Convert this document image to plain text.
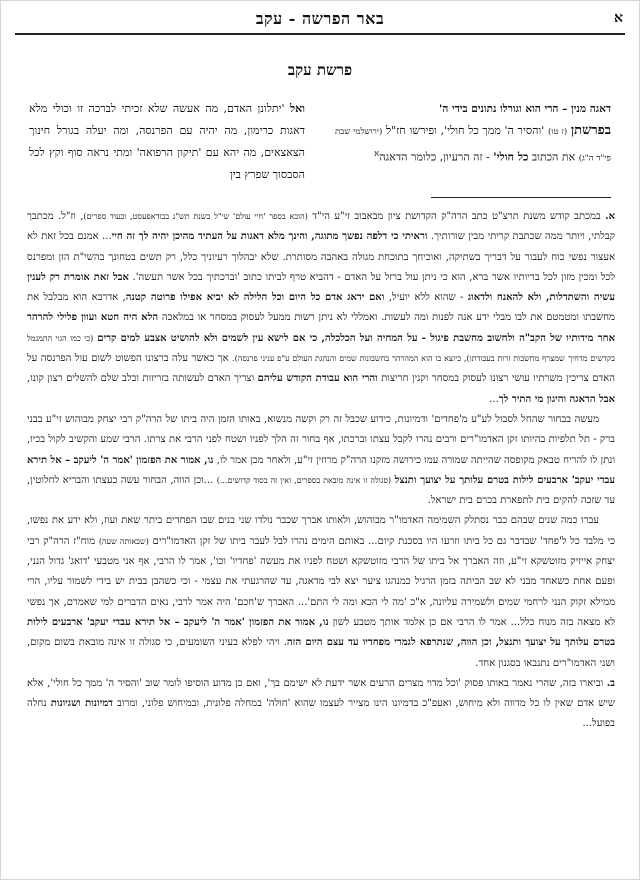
באר הפרשה - עקב	א
פרשת עקב
דאגה מנין – הרי הוא וגורלו נתונים בידי ה'
בפרשתן (ז טו) 'והסיר ה' ממך כל חולי', ופירשו חז"ל (ירושלמי שבת פי"ד ה"ג) את הכתוב כל חולי' - זה הרעיון, כלומר הדאגה$^א$
ואל 'יתלונן האדם, מה אעשה שלא זכיתי לברכה זו וכולי מלא דאגות כרימון, מה יהיה עם הפרנסה, ומה יעלה בגורל חינוך הצאצאים, מה יהא עם 'תיקון הרפואה' ומתי נראה סוף וקץ לכל הסבסוך שפרץ בין

א. במכתב קודש משנת תרצ"ט כתב הרה"ק הקדושת ציון מבאבוב זי"ע הי"ד (הובא בספר 'חיי עולם' שי"ל בשנת תש"נ בבודאפעסט, ובעוד ספרים), וז"ל. מכתבך קבלתי, ויותר ממה שכתבת קריתי מבין שורותיך. וראיתי כי דלפה נפשך מתוגה, והינך מלא דאגות על העתיד מהיכן יהיה לך זה חיי... אמנם בכל זאת לא אעצור נפשי כוח לעבור על דבריך בשתיקה, ואוכיחך בתוכחת מגולה באהבה מסותרת. שלא יבהלוך רעיוניך כלל, רק תשים בטחונך בהשי"ת הזן ומפרנס לכל ומכין מזון לכל בריותיו אשר ברא, הוא כי ניתן עול ברזל על האדם - דהביא טרף לביתו כתוב 'וברכתיך בכל אשר תעשה'. אבל זאת אומרת רק לענין עשיה והשתדלות, ולא להאנח ולדאוג - שהוא ללא יועיל, ואם ידאג אדם כל היום וכל הלילה לא יביא אפילו פרוטה קטנה, אדרבא הוא מבלבל את מחשבתו ומטמטם את לבו מבלי ידע אנה לפנות ומה לעשות. ואמללי לא ניתן רשות ממעל לעסוק במסחר או במלאכה הלא היה חטא ועוון פלילי להרהר אחר מידותיו של הקב"ה ולחשוב מחשבת פיגול - על המחיה ועל הכלכלה, כי אם לישא עין לשמים ולא להושיט אצבע למים קרים (כי כמו הגוי ההמגמל בקדשים מדחיך שמצרף מחשבות זרות בעבודתו), כיוצא בו הוא המהרהר בחשבונות שמים והנהגת העולם ע"פ עניני פרנסה). אך כאשר עלה ברצונו הפשוט לשום עול הפרנסה על האדם צריכין משרתיו עושי רצונו לעסוק במסחר וקנין חריצות והרי הוא עבודת הקודש עליהם וצריך האדם לעשותה בזריזות ובלב שלם להשלים רצון קונו, אבל הדאגה והיגון מי התיר לך...

מעשה בבחור שהחל לסבול לע"ע מ'פחדים' ודמיונות, כידוע שכבל זה רק וקשה מנשוא, באותו הזמן היה ביתו של הרה"ק רבי יצחק מבוהוש זי"ע בבני ברק - תל תלפיות בהיותו זקן האדמו"רים ורבים נהרו לקבל עצתו וברכתו, אף בחור זה הלך לפניו ושטח לפני הרבי את צרתו. הרבי שמע והקשיב לקול בכיו, ונתן לו להריח טבאק מקופסה שהייתה שמורה עמו כירושה מזקנו הרה"ק מרוזין זי"ע, ולאחר מכן אמר לו, נו, אמור את הפזמון 'אמר ה' ליעקב – אל תירא עבדי יעקב' ארבעים לילות בטרם עלותך על יצועך ותנצל (סגולה זו אינה מובאת בספרים, ואין זה בסוד קדושים...) ...וכן הווה, הבחור עשה כעצתו והבריא לחלוטין, עד שזכה להקים בית לתפארת בכרם בית ישראל.

עברו כמה שנים שבהם כבר נסתלק השמימה האדמו"ר מבוהוש, ולאותו אברך שכבר נולדו שני בנים שבו הפחדים ביתר שאת ועוז, ולא ידע את נפשו, כי מלבד כל ל'פחד' שבדבר גם כל ביתו וזרעו היו בסכנת קיום... באותם הימים נהרו לבל לעבר ביתו של זקן האדמו"רים (שבאותה שעה) מוח"ז הרה"ק רבי יצחק אייזיק מזוטשקא זי"ע, וזה האברך אל ביתו של הרבי מזוטשקא ושטח לפניו את מעשה 'פחדיו' וכו', אמר לו הרבי, אף אני מטבעי 'דואג' גדול הנני, ופעם אחת כשאחד מבני לא שב הביתה בזמן הרגיל כמנהגו ציער יצא לבי מדאגה, עד שהרגעתי את עצמי - וכי כשהבן בבית יש בידי לשמור עליו, הרי ממילא זקוק הנני לרחמי שמים ולשמירה עליונה, א"כ 'מה לי הכא ומה לי התם'... האברך ש'חכם' היה אמר לרבי, נאים הדברים למי שאמרם, אך נפשי לא מצאה בזה מנוח כלל... אמר לו הרבי אם כן אלמד אותך מטבע לשון נו, אמור את הפזמון 'אמר ה' ליעקב – אל תירא עבדי יעקב' ארבעים לילות בטרם עלותך על יצועך ותנצל, וכן הווה, שנתרפא לגמרי מפחדיו עד עצם היום הזה. ויהי לפלא בעיני השומעים, כי סגולה זו אינה מובאת בשום מקום, ושני האדמו"רים נתנבאו בסגנון אחד.

ב. וביארו בזה, שהרי נאמר באותו פסוק 'וכל מדוי מצרים הרעים אשר ידעת לא ישימם בך', ואם כן מדוע הוסיפו לומר שוב 'והסיר ה' ממך כל חולי', אלא שיש אדם שאין לו כל מדווה ולא מיחוש, ואעפ"כ בדמיונו הינו מצייר לעצמו שהוא 'חולה' במחלה פלונית, ובמיחוש פלוני, ומרוב דמיונות ושגיונות נחלה בפועל...
